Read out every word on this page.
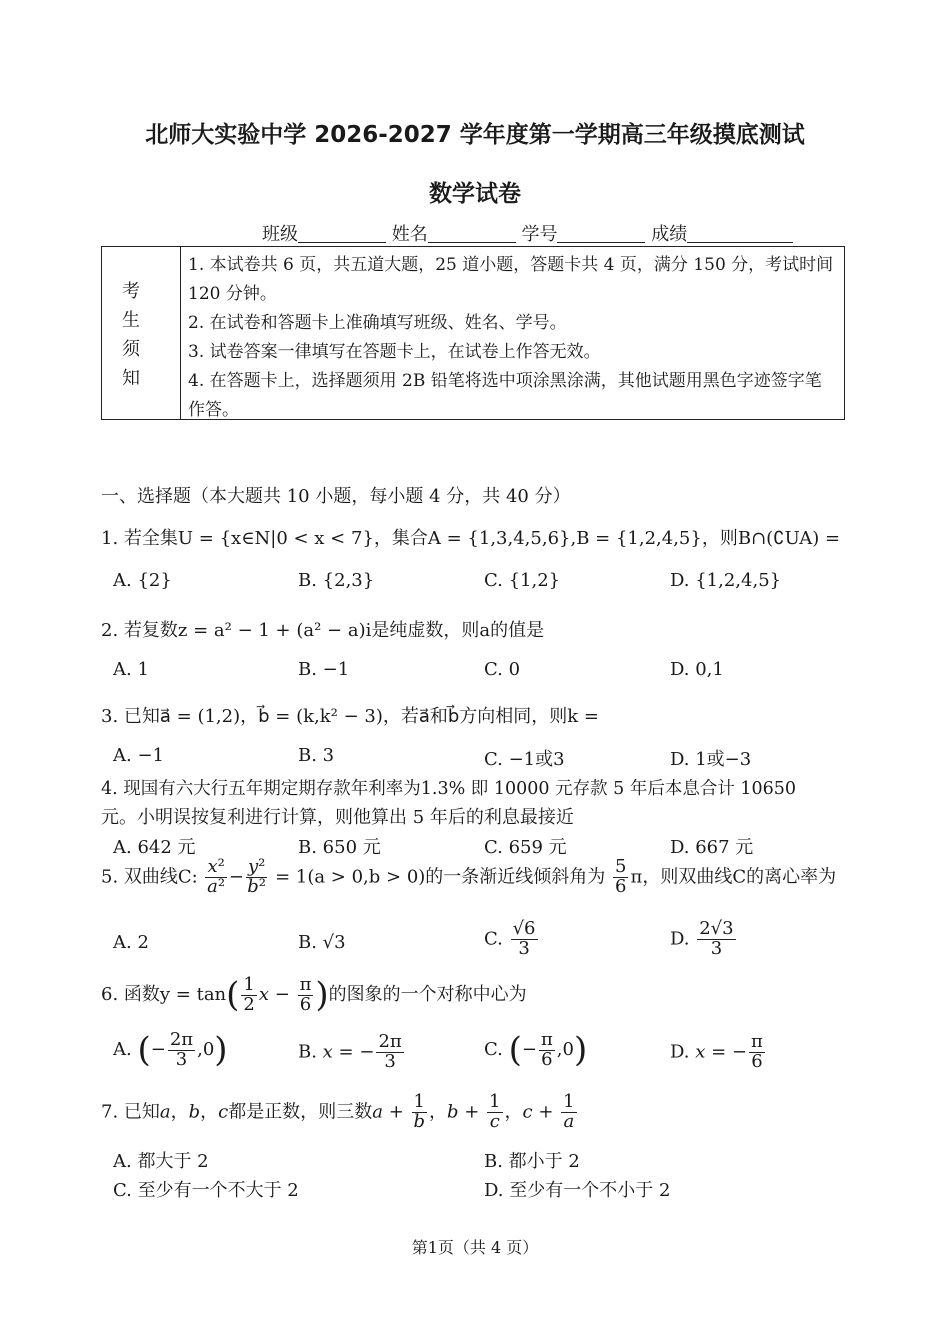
北师大实验中学 2026-2027 学年度第一学期高三年级摸底测试
数学试卷
班级	姓名	学号	成绩
考
生
须
知
1. 本试卷共 6 页，共五道大题，25 道小题，答题卡共 4 页，满分 150 分，考试时间 120 分钟。
2. 在试卷和答题卡上准确填写班级、姓名、学号。
3. 试卷答案一律填写在答题卡上，在试卷上作答无效。
4. 在答题卡上，选择题须用 2B 铅笔将选中项涂黑涂满，其他试题用黑色字迹签字笔作答。
一、选择题（本大题共 10 小题，每小题 4 分，共 40 分）
1. 若全集U = {x∈N|0 < x < 7}，集合A = {1,3,4,5,6},B = {1,2,4,5}，则B∩(∁UA) =
A. {2}	B. {2,3}	C. {1,2}	D. {1,2,4,5}
2. 若复数z = a² − 1 + (a² − a)i是纯虚数，则a的值是
A. 1	B. −1	C. 0	D. 0,1
3. 已知a⃗ = (1,2)，b⃗ = (k,k² − 3)，若a⃗和b⃗方向相同，则k =
A. −1	B. 3	C. −1或3	D. 1或−3
4. 现国有六大行五年期定期存款年利率为1.3% 即 10000 元存款 5 年后本息合计 10650
元。小明误按复利进行计算，则他算出 5 年后的利息最接近
A. 642 元	B. 650 元	C. 659 元	D. 667 元
5. 双曲线C: $\frac{\text{x²}}{\text{a²}} - \frac{\text{y²}}{\text{b²}} = 1(a > 0,b > 0)$的一条渐近线倾斜角为 $\frac{5}{6}$ π，则双曲线C的离心率为
A. 2	B. √3	C. $\frac{√6}{3}$	D. $\frac{2√3}{3}$
6. 函数$y = \tan( \frac{1}{2}$ $x - \frac{\pi}{6}$ )的图象的一个对称中心为
A. (− $\frac{2\pi}{3} ,0$)	B. x = − $\frac{2\pi}{3}$	C. (− $\frac{\pi}{6} ,0$)	D. x = − $\frac{\pi}{6}$
7. 已知a，b，c都是正数，则三数$a + \frac{1}{b}$ ，$b + \frac{1}{c}$ ，$c + \frac{1}{a}$
A. 都大于 2	B. 都小于 2
C. 至少有一个不大于 2	D. 至少有一个不小于 2
第1页（共 4 页）
